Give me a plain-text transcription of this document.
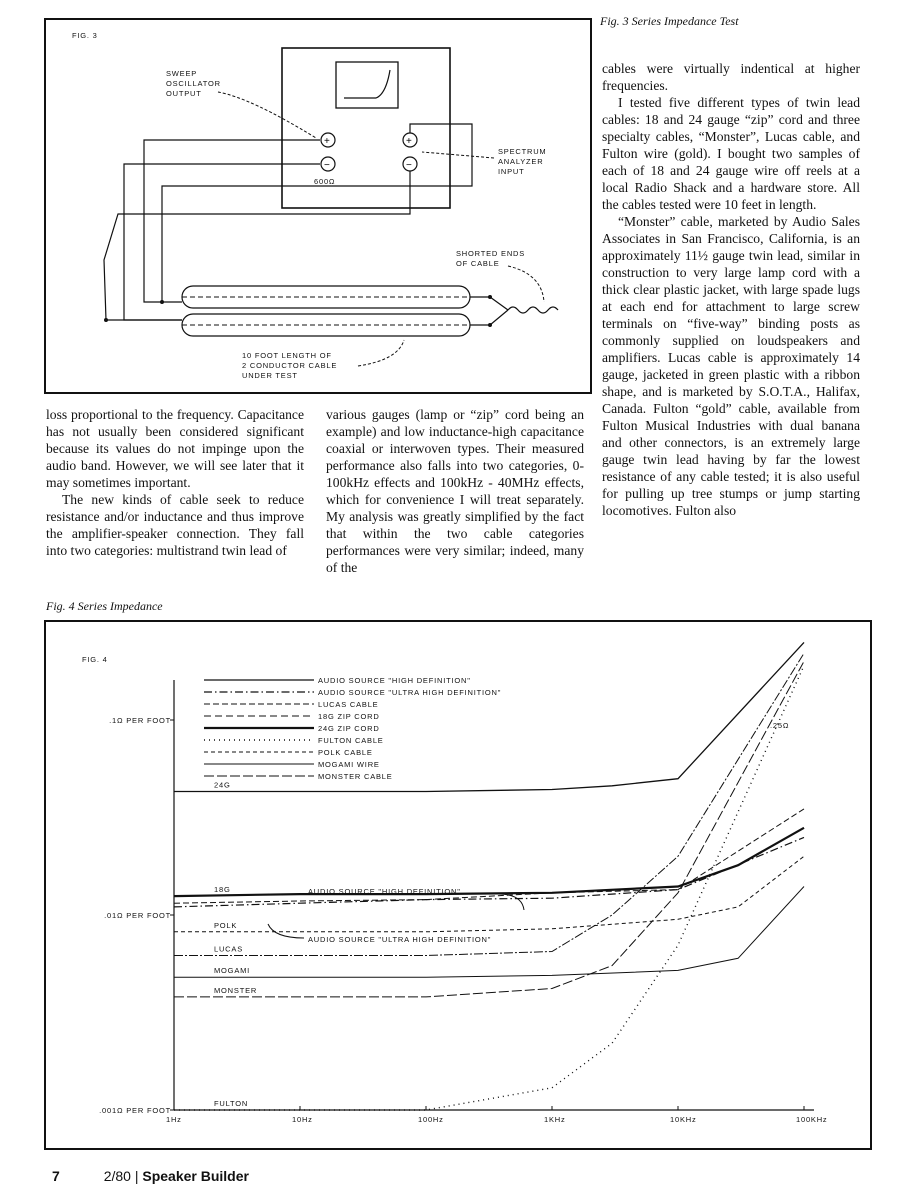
Fig. 3 Series Impedance Test
FIG. 3
SWEEP
OSCILLATOR
OUTPUT
+
−
600Ω
+
−
SPECTRUM
ANALYZER
INPUT
SHORTED ENDS
OF CABLE
10 FOOT LENGTH OF
2 CONDUCTOR CABLE
UNDER TEST

cables were virtually indentical at higher frequencies.

I tested five different types of twin lead cables: 18 and 24 gauge “zip” cord and three specialty cables, “Monster”, Lucas cable, and Fulton wire (gold). I bought two samples of each of 18 and 24 gauge wire off reels at a local Radio Shack and a hardware store. All the cables tested were 10 feet in length.

“Monster” cable, marketed by Audio Sales Associates in San Francisco, California, is an approximately 11½ gauge twin lead, similar in construction to very large lamp cord with a thick clear plastic jacket, with large spade lugs at each end for attachment to large screw terminals on “five-way” binding posts as commonly supplied on loudspeakers and amplifiers. Lucas cable is approximately 14 gauge, jacketed in green plastic with a ribbon shape, and is marketed by S.O.T.A., Halifax, Canada. Fulton “gold” cable, available from Fulton Musical Industries with dual banana and other connectors, is an extremely large gauge twin lead having by far the lowest resistance of any cable tested; it is also useful for pulling up tree stumps or jump starting locomotives. Fulton also

loss proportional to the frequency. Capacitance has not usually been considered significant because its values do not impinge upon the audio band. However, we will see later that it may sometimes important.

The new kinds of cable seek to reduce resistance and/or inductance and thus improve the amplifier-speaker connection. They fall into two categories: multistrand twin lead of

various gauges (lamp or “zip” cord being an example) and low inductance-high capacitance coaxial or interwoven types. Their measured performance also falls into two categories, 0-100kHz effects and 100kHz - 40MHz effects, which for convenience I will treat separately. My analysis was greatly simplified by the fact that within the two cable categories performances were very similar; indeed, many of the

Fig. 4 Series Impedance
FIG. 4
1Hz	10Hz	100Hz	1KHz	10KHz	100KHz
.001Ω PER FOOT
.01Ω PER FOOT
.1Ω PER FOOT
AUDIO SOURCE "HIGH DEFINITION"
AUDIO SOURCE "ULTRA HIGH DEFINITION"
LUCAS CABLE
18G ZIP CORD
24G ZIP CORD
FULTON CABLE
POLK CABLE
MOGAMI WIRE
MONSTER CABLE
24G
18G
POLK
LUCAS
MOGAMI
MONSTER
FULTON
AUDIO SOURCE "HIGH DEFINITION"
AUDIO SOURCE "ULTRA HIGH DEFINITION"
.25Ω
7	2/80 | Speaker Builder
